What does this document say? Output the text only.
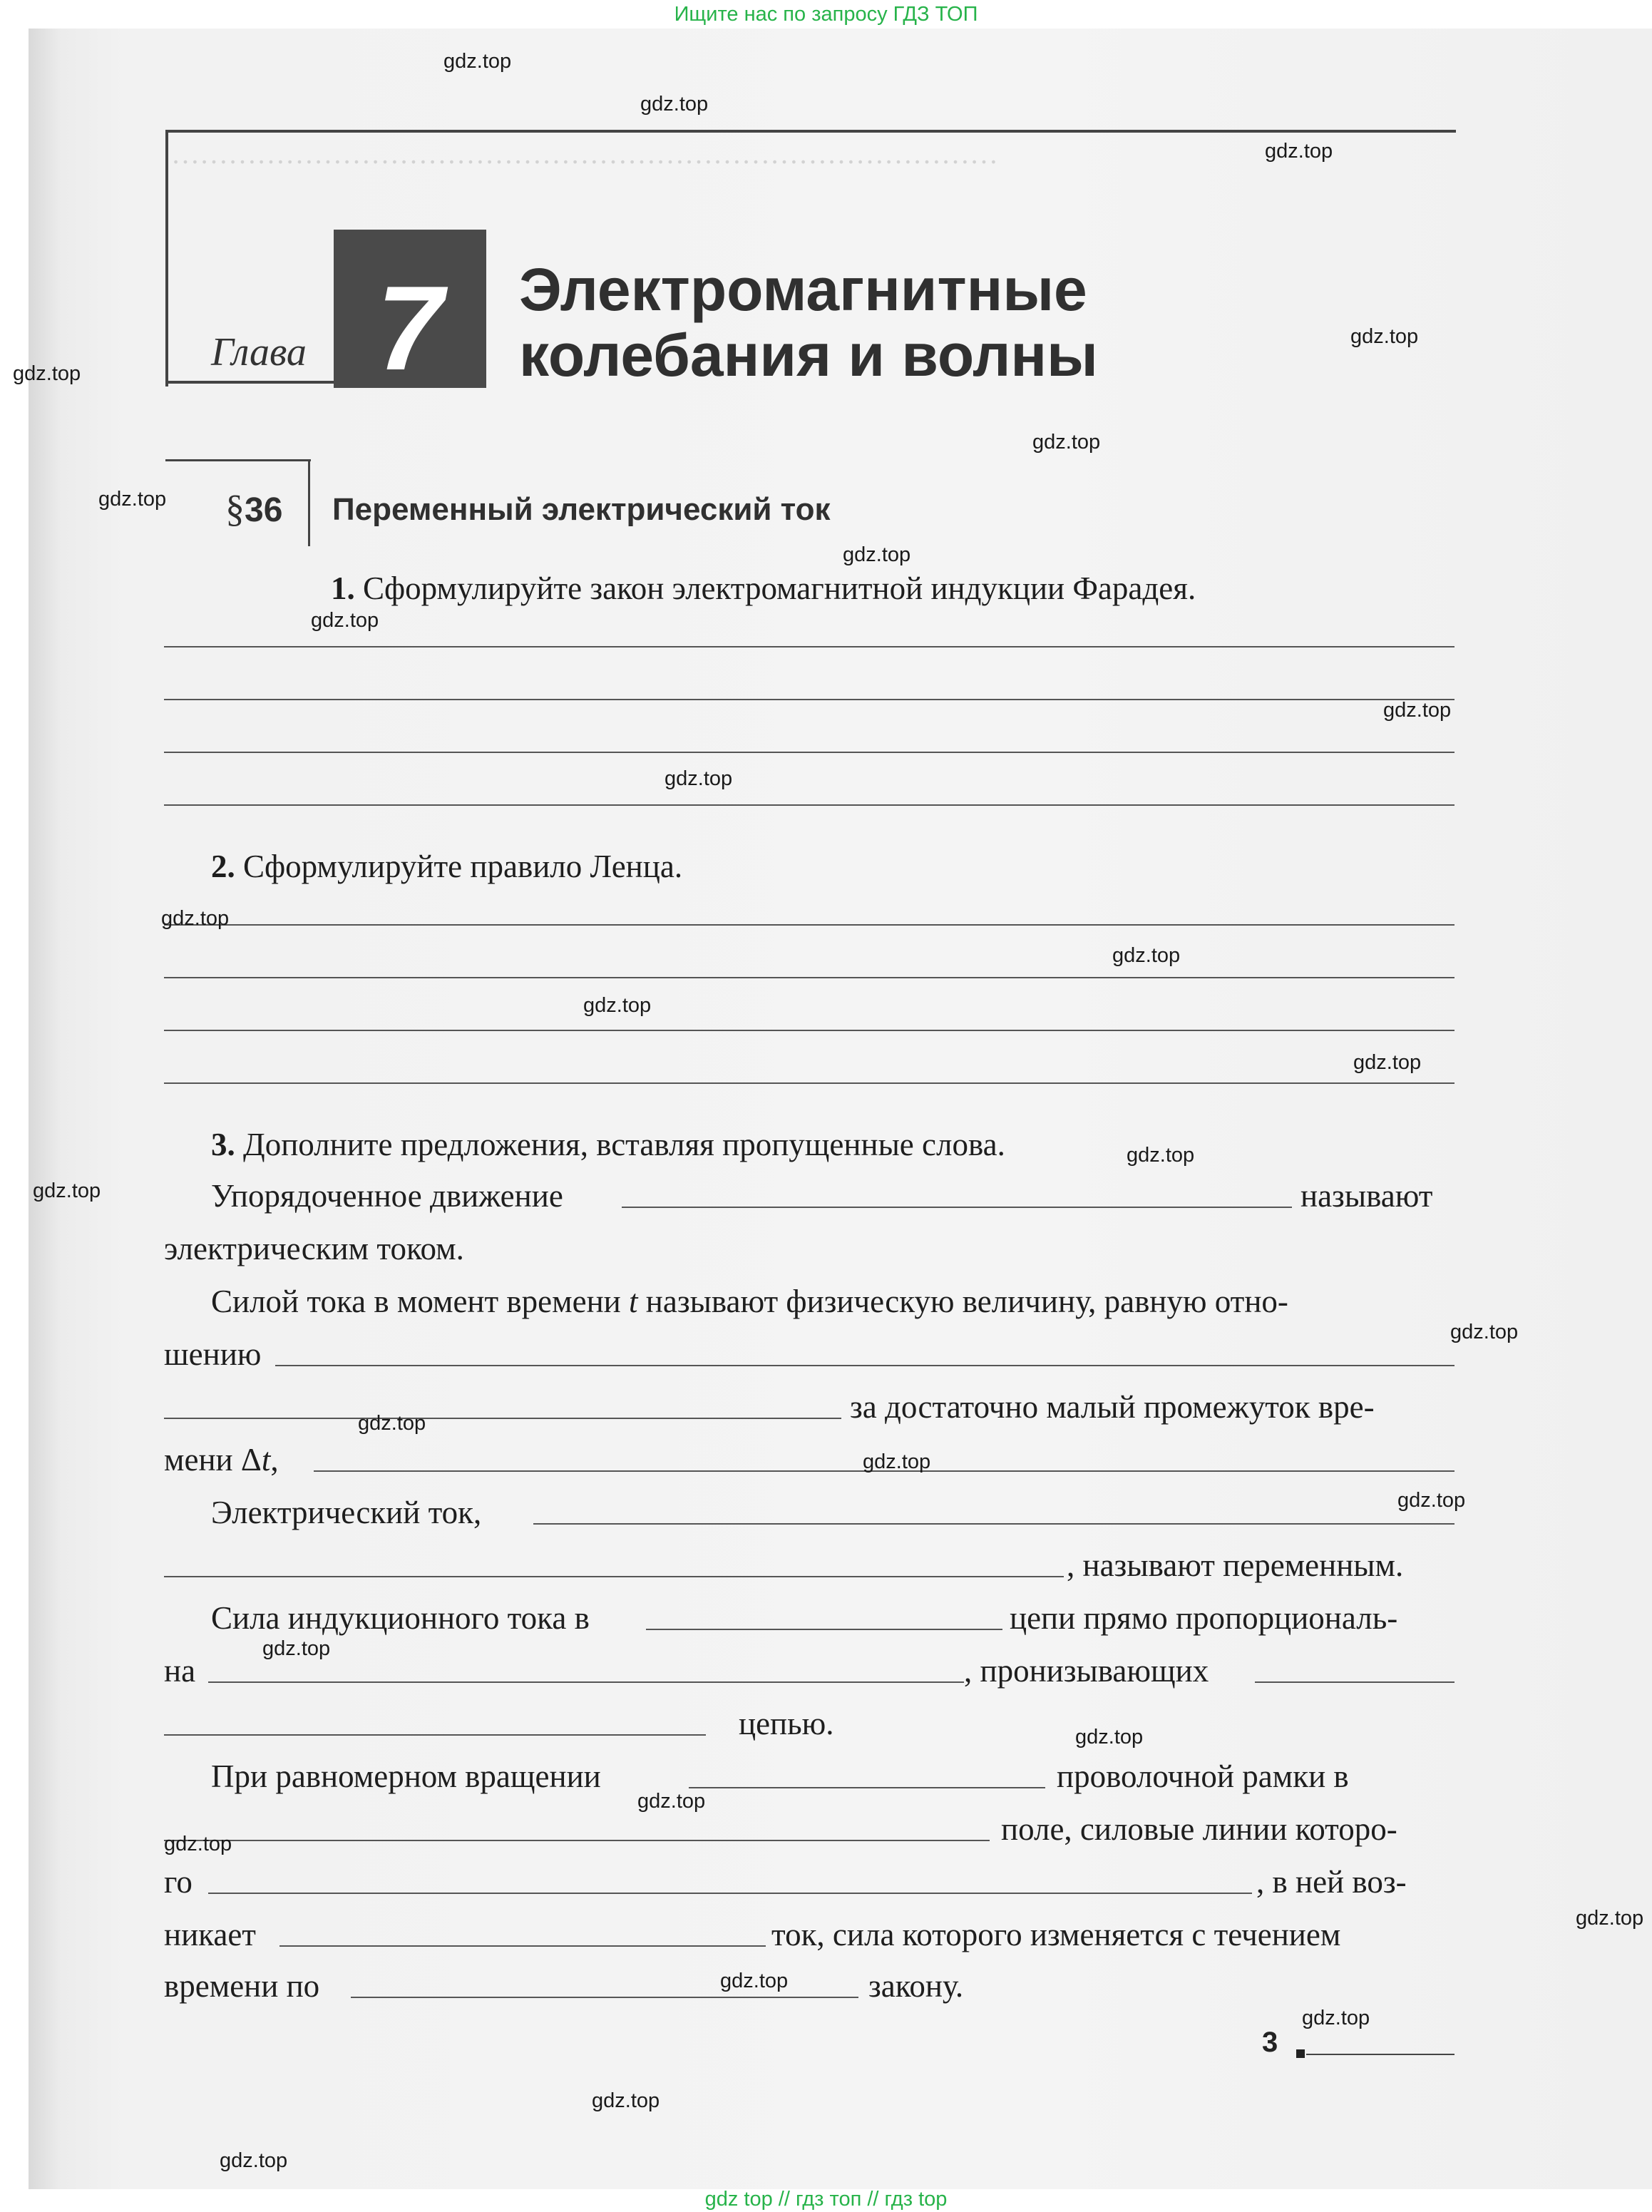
……………………………………………………………………………
Ищите нас по запросу ГДЗ ТОП
Глава 7 Электромагнитные
колебания и волны
§36 Переменный электрический ток
1. Сформулируйте закон электромагнитной индукции Фарадея.
2. Сформулируйте правило Ленца.
3. Дополните предложения, вставляя пропущенные слова.
Упорядоченное движение	называют
электрическим током.
Силой тока в момент времени t называют физическую величину, равную отно-
шению
за достаточно малый промежуток вре-
мени Δt,
Электрический ток,
, называют переменным.
Сила индукционного тока в	цепи прямо пропорциональ-
на	, пронизывающих
цепью.
При равномерном вращении	проволочной рамки в
поле, силовые линии которо-
го	, в ней воз-
никает	ток, сила которого изменяется с течением
времени по	закону.
3
gdz.top
gdz.top
gdz.top
gdz.top
gdz.top
gdz.top
gdz.top
gdz.top
gdz.top
gdz.top
gdz.top
gdz.top
gdz.top
gdz.top
gdz.top
gdz.top
gdz.top
gdz.top
gdz.top
gdz.top
gdz.top
gdz.top
gdz.top
gdz.top
gdz.top
gdz.top
gdz.top
gdz.top
gdz.top
gdz.top
gdz top // гдз топ // гдз top
